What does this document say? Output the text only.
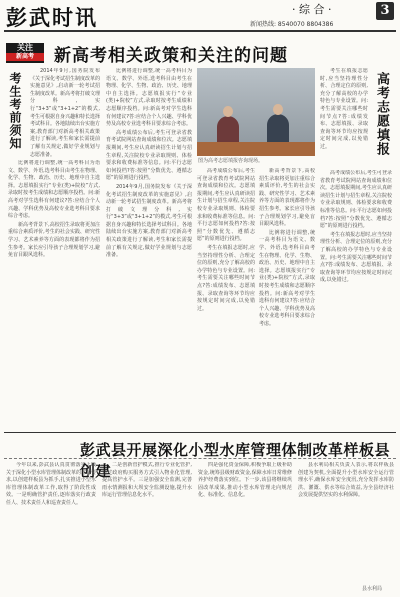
彭武时讯	· 综 合 ·	3
新闻热线: 8540070 8804386
关注
新高考	新高考相关政策和关注的问题
考生考前须知

2014年9月,国务院发布《关于深化考试招生制度改革的实施意见》,启动新一轮考试招生制度改革。新高考将打破文理分科,实行“3+3”或“3+1+2”的模式,考生可根据自身兴趣和特长选择考试科目。各地陆续出台实施方案,教育部门对新高考相关政策进行了解读,考生和家长需提前了解有关规定,做好学业规划与志愿准备。

比例将进行调整,统一高考科目为语文、数学、外语,选考科目由考生在物理、化学、生物、政治、历史、地理中自主选择。志愿填报实行“专业(类)+院校”方式,录取时按考生成绩和志愿顺序投档。问:新高考对学生选科有何建议?答:应结合个人兴趣、学科优势及高校专业选考科目要求综合考虑。

新高考背景下,高校招生录取将更加注重综合素质评价,考生的社会实践、研究性学习、艺术素养等方面的表现都将作为招生参考。家长应引导孩子合理规划学习,避免盲目跟风选科。

比例将进行调整,统一高考科目为语文、数学、外语,选考科目由考生在物理、化学、生物、政治、历史、地理中自主选择。志愿填报实行“专业(类)+院校”方式,录取时按考生成绩和志愿顺序投档。问:新高考对学生选科有何建议?答:应结合个人兴趣、学科优势及高校专业选考科目要求综合考虑。

高考成绩公布后,考生可登录省教育考试院网站查询成绩和位次。志愿填报期间,考生应认真研读招生计划与招生章程,关注院校专业录取规则、体检要求和收费标准等信息。问:平行志愿如何投档?答:按照“分数优先、遵循志愿”的原则进行投档。

2014年9月,国务院发布《关于深化考试招生制度改革的实施意见》,启动新一轮考试招生制度改革。新高考将打破文理分科,实行“3+3”或“3+1+2”的模式,考生可根据自身兴趣和特长选择考试科目。各地陆续出台实施方案,教育部门对新高考相关政策进行了解读,考生和家长需提前了解有关规定,做好学业规划与志愿准备。

图为高考志愿填报咨询现场。

高考成绩公布后,考生可登录省教育考试院网站查询成绩和位次。志愿填报期间,考生应认真研读招生计划与招生章程,关注院校专业录取规则、体检要求和收费标准等信息。问:平行志愿如何投档?答:按照“分数优先、遵循志愿”的原则进行投档。

考生在填报志愿时,应当坚持理性分析、合理定位的原则,充分了解高校的办学特色与专业设置。问:考生需要关注哪些时间节点?答:成绩发布、志愿填报、录取查询等环节均应按规定时间完成,以免错过。

新高考背景下,高校招生录取将更加注重综合素质评价,考生的社会实践、研究性学习、艺术素养等方面的表现都将作为招生参考。家长应引导孩子合理规划学习,避免盲目跟风选科。

比例将进行调整,统一高考科目为语文、数学、外语,选考科目由考生在物理、化学、生物、政治、历史、地理中自主选择。志愿填报实行“专业(类)+院校”方式,录取时按考生成绩和志愿顺序投档。问:新高考对学生选科有何建议?答:应结合个人兴趣、学科优势及高校专业选考科目要求综合考虑。

考生在填报志愿时,应当坚持理性分析、合理定位的原则,充分了解高校的办学特色与专业设置。问:考生需要关注哪些时间节点?答:成绩发布、志愿填报、录取查询等环节均应按规定时间完成,以免错过。	高考志愿填报

高考成绩公布后,考生可登录省教育考试院网站查询成绩和位次。志愿填报期间,考生应认真研读招生计划与招生章程,关注院校专业录取规则、体检要求和收费标准等信息。问:平行志愿如何投档?答:按照“分数优先、遵循志愿”的原则进行投档。

考生在填报志愿时,应当坚持理性分析、合理定位的原则,充分了解高校的办学特色与专业设置。问:考生需要关注哪些时间节点?答:成绩发布、志愿填报、录取查询等环节均应按规定时间完成,以免错过。

彭武县开展深化小型水库管理体制改革样板县创建

今年以来,彭武县认真贯彻落实上级关于深化小型水库管理体制改革的部署要求,以创建样板县为抓手,扎实推进小型水库管理体制改革工作,取得了阶段性成效。一是明确管护责任,逐库落实行政责任人、技术责任人和巡查责任人。

二是创新管护模式,推行专业化管护,通过政府购买服务方式引入物业化管理,提高管护水平。三是加强安全监测,完善雨水情测报和大坝安全监测设施,提升水库运行管理信息化水平。

四是强化资金保障,积极争取上级补助资金,统筹县级财政资金,保障水库日常维修养护经费落实到位。下一步,该县将继续巩固改革成果,推动小型水库管理走向规范化、标准化、信息化。

县水利局相关负责人表示,将以样板县创建为契机,全面提升小型水库安全运行管理水平,确保水库安全度汛,充分发挥水库防洪、灌溉、供水等综合效益,为全县经济社会发展提供坚实的水利保障。

县水利局
